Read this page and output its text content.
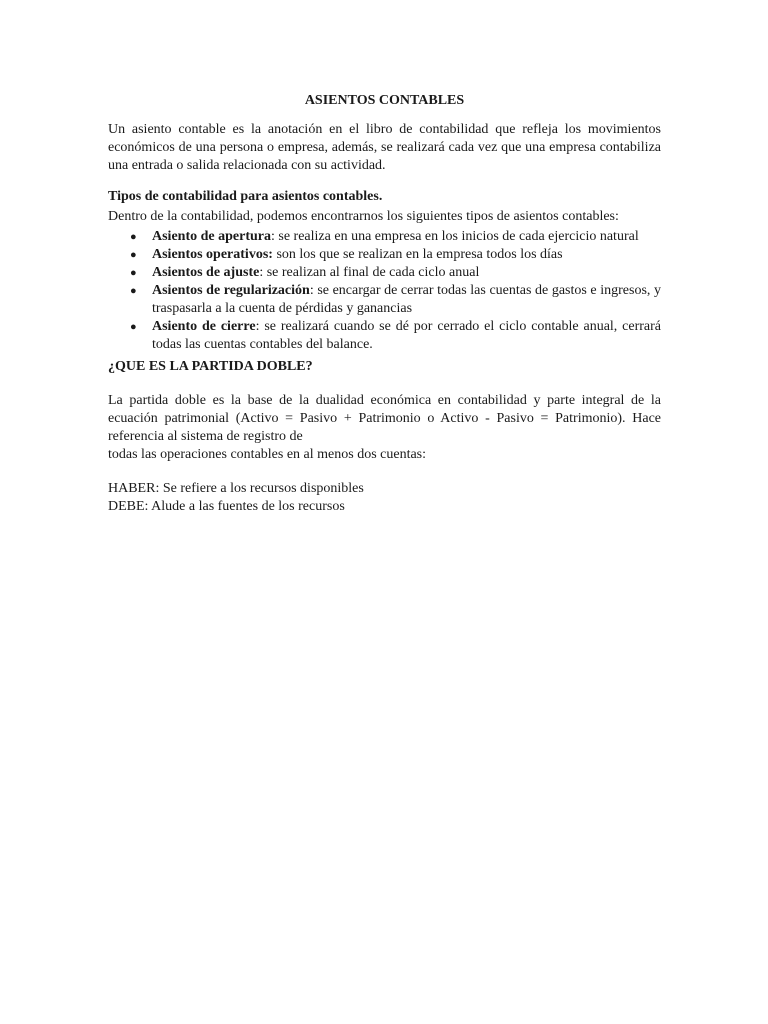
ASIENTOS CONTABLES

Un asiento contable es la anotación en el libro de contabilidad que refleja los movimientos económicos de una persona o empresa, además, se realizará cada vez que una empresa contabiliza una entrada o salida relacionada con su actividad.

Tipos de contabilidad para asientos contables.

Dentro de la contabilidad, podemos encontrarnos los siguientes tipos de asientos contables:

● Asiento de apertura: se realiza en una empresa en los inicios de cada ejercicio natural
● Asientos operativos: son los que se realizan en la empresa todos los días
● Asientos de ajuste: se realizan al final de cada ciclo anual
● Asientos de regularización: se encargar de cerrar todas las cuentas de gastos e ingresos, y traspasarla a la cuenta de pérdidas y ganancias
● Asiento de cierre: se realizará cuando se dé por cerrado el ciclo contable anual, cerrará todas las cuentas contables del balance.

¿QUE ES LA PARTIDA DOBLE?

La partida doble es la base de la dualidad económica en contabilidad y parte integral de la ecuación patrimonial (Activo = Pasivo + Patrimonio o Activo - Pasivo = Patrimonio). Hace referencia al sistema de registro de

todas las operaciones contables en al menos dos cuentas:

HABER: Se refiere a los recursos disponibles

DEBE: Alude a las fuentes de los recursos
